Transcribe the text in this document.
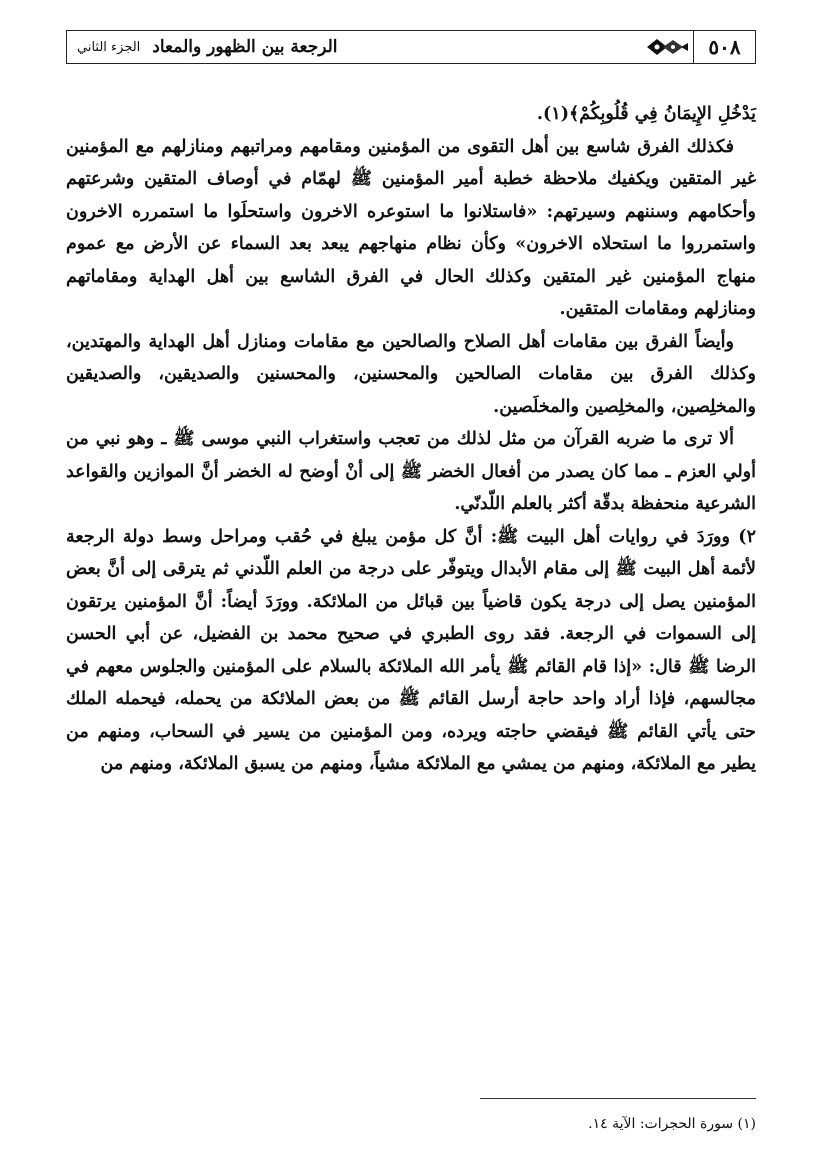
٥٠٨
الرجعة بين الظهور والمعاد
الجزء الثاني

يَدْخُلِ الإِيمَانُ فِي قُلُوبِكُمْ﴾(١).

فكذلك الفرق شاسع بين أهل التقوى من المؤمنين ومقامهم ومراتبهم ومنازلهم مع المؤمنين غير المتقين ويكفيك ملاحظة خطبة أمير المؤمنين ﷺ لهمّام في أوصاف المتقين وشرعتهم وأحكامهم وسننهم وسيرتهم: «فاستلانوا ما استوعره الاخرون واستحلَوا ما استمرره الاخرون واستمرروا ما استحلاه الاخرون» وكأن نظام منهاجهم يبعد بعد السماء عن الأرض مع عموم منهاج المؤمنين غير المتقين وكذلك الحال في الفرق الشاسع بين أهل الهداية ومقاماتهم ومنازلهم ومقامات المتقين.

وأيضاً الفرق بين مقامات أهل الصلاح والصالحين مع مقامات ومنازل أهل الهداية والمهتدين، وكذلك الفرق بين مقامات الصالحين والمحسنين، والمحسنين والصديقين، والصديقين والمخلِصين، والمخلِصين والمخلَصين.

ألا ترى ما ضربه القرآن من مثل لذلك من تعجب واستغراب النبي موسى ﷺ ـ وهو نبي من أولي العزم ـ مما كان يصدر من أفعال الخضر ﷺ إلى أنْ أوضح له الخضر أنَّ الموازين والقواعد الشرعية منحفظة بدقّة أكثر بالعلم اللّدنّي.

٢) وورَدَ في روايات أهل البيت ﷺ: أنَّ كل مؤمن يبلغ في حُقب ومراحل وسط دولة الرجعة لأئمة أهل البيت ﷺ إلى مقام الأبدال ويتوفّر على درجة من العلم اللّدني ثم يترقى إلى أنَّ بعض المؤمنين يصل إلى درجة يكون قاضياً بين قبائل من الملائكة. وورَدَ أيضاً: أنَّ المؤمنين يرتقون إلى السموات في الرجعة. فقد روى الطبري في صحيح محمد بن الفضيل، عن أبي الحسن الرضا ﷺ قال: «إذا قام القائم ﷺ يأمر الله الملائكة بالسلام على المؤمنين والجلوس معهم في مجالسهم، فإذا أراد واحد حاجة أرسل القائم ﷺ من بعض الملائكة من يحمله، فيحمله الملك حتى يأتي القائم ﷺ فيقضي حاجته ويرده، ومن المؤمنين من يسير في السحاب، ومنهم من يطير مع الملائكة، ومنهم من يمشي مع الملائكة مشياً، ومنهم من يسبق الملائكة، ومنهم من

(١) سورة الحجرات: الآية ١٤.
